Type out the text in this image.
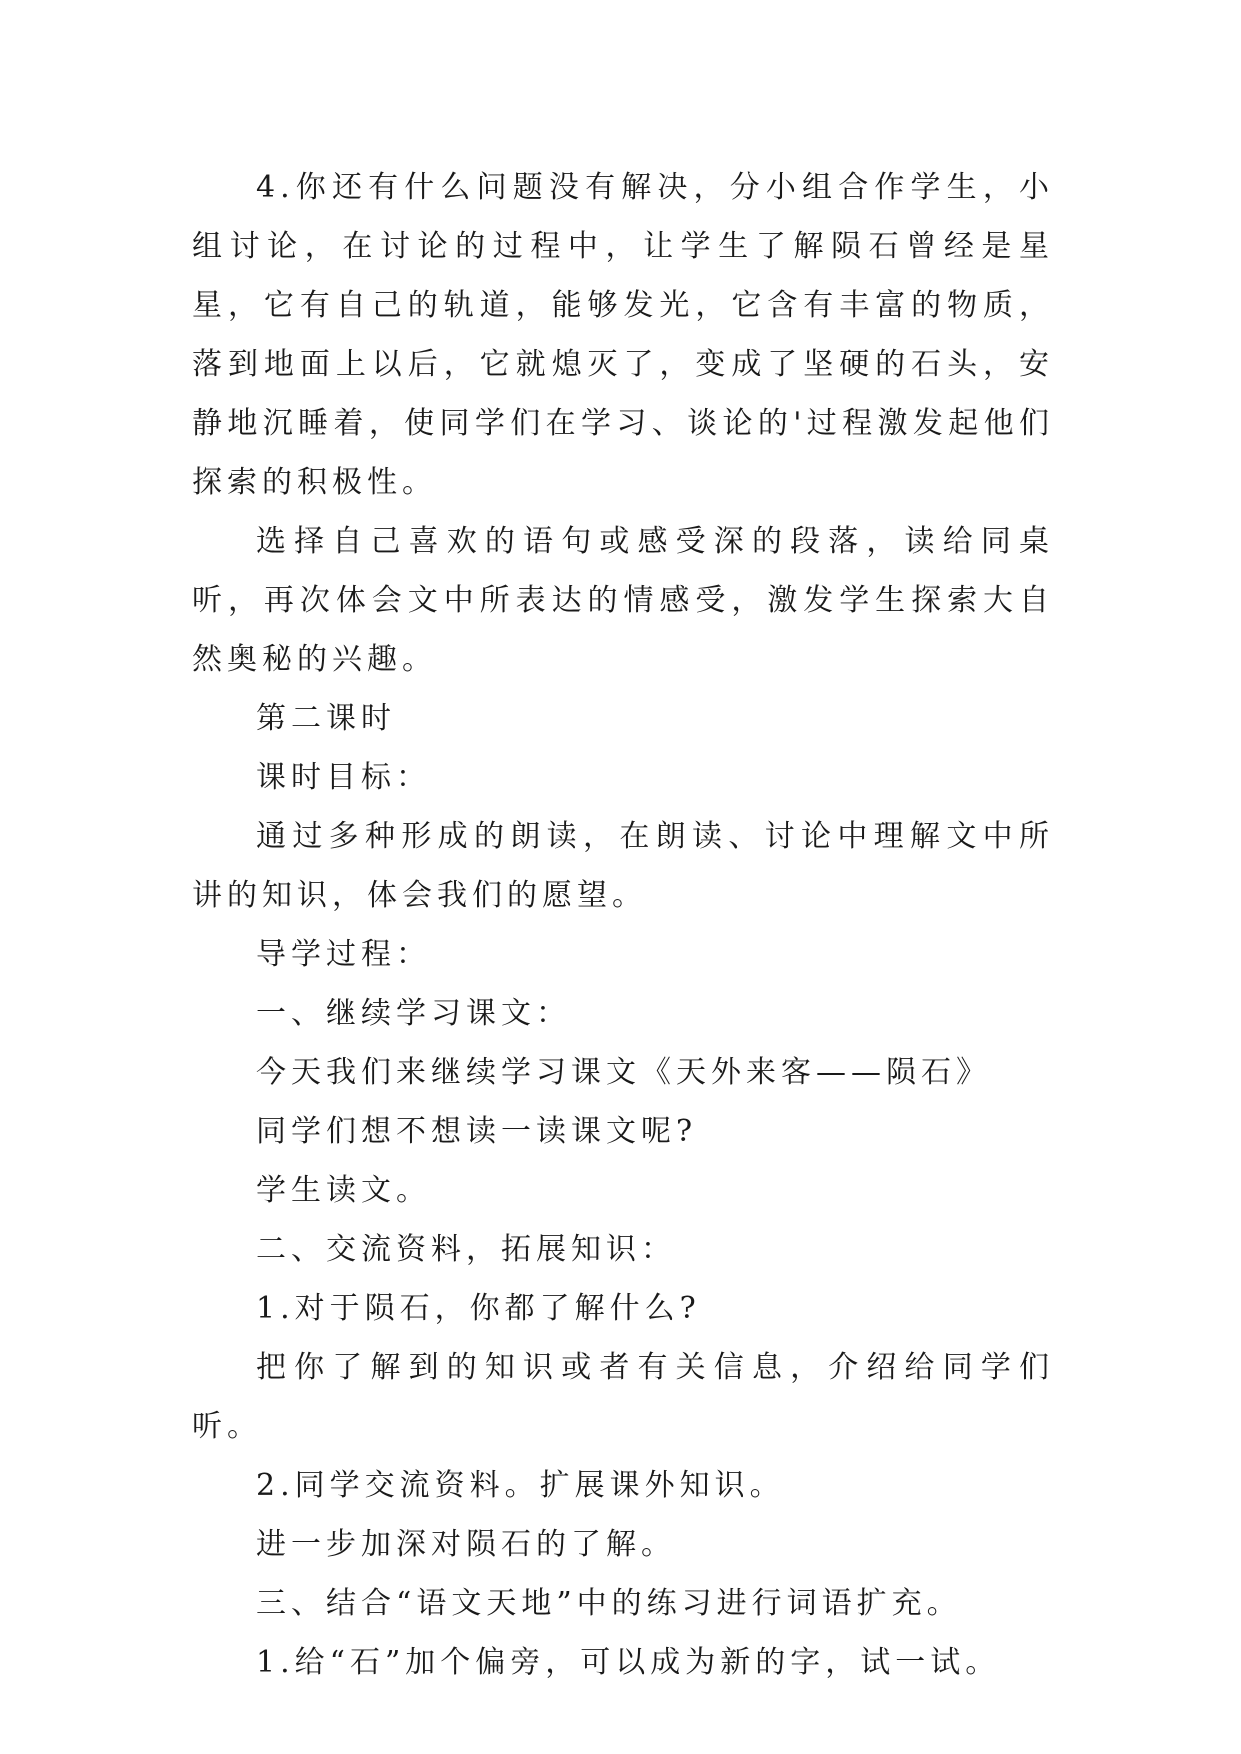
4.你还有什么问题没有解决，分小组合作学生，小组讨论，在讨论的过程中，让学生了解陨石曾经是星星，它有自己的轨道，能够发光，它含有丰富的物质，落到地面上以后，它就熄灭了，变成了坚硬的石头，安静地沉睡着，使同学们在学习、谈论的'过程激发起他们探索的积极性。

选择自己喜欢的语句或感受深的段落，读给同桌听，再次体会文中所表达的情感受，激发学生探索大自然奥秘的兴趣。

第二课时

课时目标：

通过多种形成的朗读，在朗读、讨论中理解文中所讲的知识，体会我们的愿望。

导学过程：

一、继续学习课文：

今天我们来继续学习课文《天外来客——陨石》

同学们想不想读一读课文呢?

学生读文。

二、交流资料，拓展知识：

1.对于陨石，你都了解什么?

把你了解到的知识或者有关信息，介绍给同学们听。

2.同学交流资料。扩展课外知识。

进一步加深对陨石的了解。

三、结合“语文天地”中的练习进行词语扩充。

1.给“石”加个偏旁，可以成为新的字，试一试。
